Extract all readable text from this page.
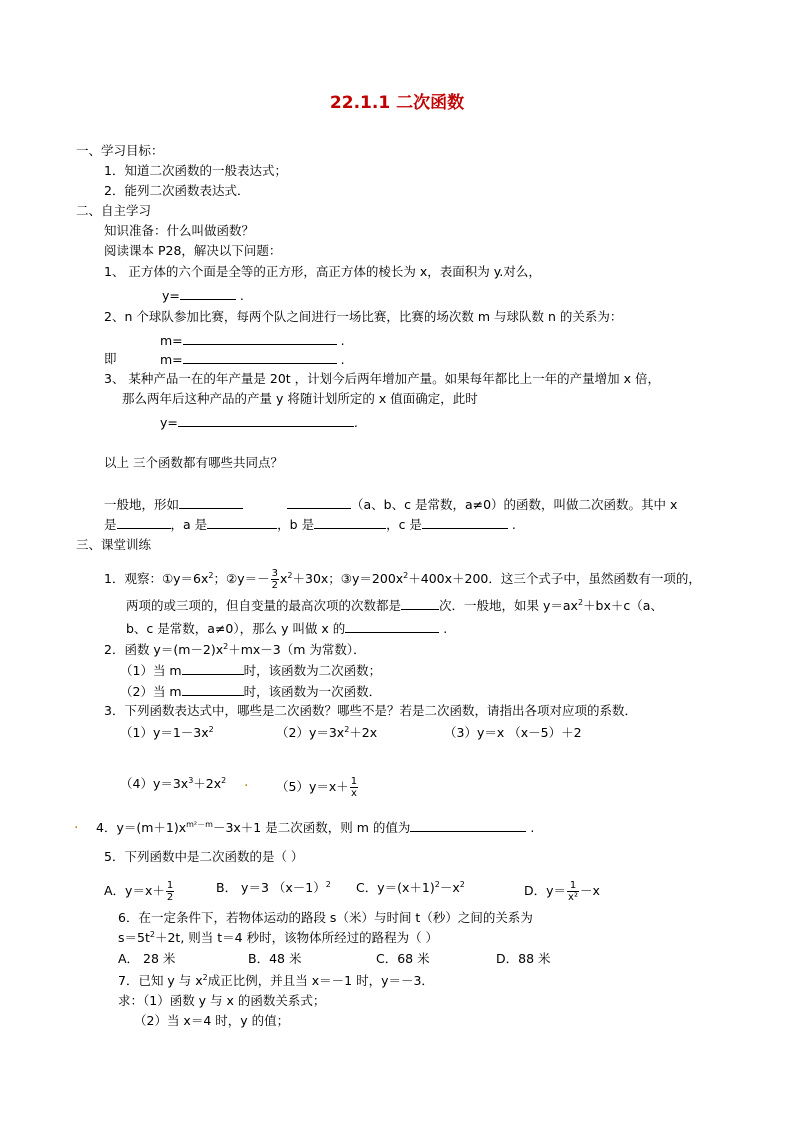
22.1.1 二次函数
一、学习目标：
1．知道二次函数的一般表达式；
2．能列二次函数表达式．
二、自主学习
知识准备：什么叫做函数？
阅读课本 P28，解决以下问题：
1、 正方体的六个面是全等的正方形，高正方体的棱长为 x，表面积为 y.对么，
y=	.
2、n 个球队参加比赛，每两个队之间进行一场比赛，比赛的场次数 m 与球队数 n 的关系为：
m=	.
即	m=	.
3、 某种产品一在的年产量是 20t ，计划今后两年增加产量。如果每年都比上一年的产量增加 x 倍，
那么两年后这种产品的产量 y 将随计划所定的 x 值面确定，此时
y=	.
以上 三个函数都有哪些共同点？
一般地，形如	（a、b、c 是常数，a≠0）的函数，叫做二次函数。其中 x
是	，a 是	，b 是	，c 是	.
三、课堂训练
1．观察：$①y=6x^2$；②y＝－ $\frac{3}{2} x^2+30x$；$③y=200x^2+400x+200$．这三个式子中，虽然函数有一项的，
两项的或三项的，但自变量的最高次项的次数都是	次．一般地，如果 $y=ax^2+bx+c(a$、
b、c 是常数，a≠0），那么 y 叫做 x 的	.
2．函数 $y=(m-2)x^2+mx-3(m$ 为常数）．
（1）当 m	时，该函数为二次函数；
（2）当 m	时，该函数为一次函数．
3．下列函数表达式中，哪些是二次函数？哪些不是？若是二次函数，请指出各项对应项的系数．
$(1)y=1-3x^2$	$(2)y=3x^2+2x$	（3）y＝x （x－5）＋2
$(4)y=3x^3+2x^2$ . $(5)y=x+ \frac{1}{x}$
. 4．$y=(m+1)x^{m^2-m}-3x+1$ 是二次函数，则 m 的值为	.
5．下列函数中是二次函数的是（ ）
A．$y=x+ \frac{1}{2}$	B． y＝3 $(x-1)^2$ C．$y=(x+1)^2-x^2$	D．$y= \frac{1}{\text{x²}} -x$
6．在一定条件下，若物体运动的路段 s（米）与时间 t（秒）之间的关系为
$s=5t^2+2t$, 则当 t＝4 秒时，该物体所经过的路程为（ ）
A． 28 米	B．48 米	C．68 米	D．88 米
7．已知 y 与 $x^2$成正比例，并且当 x＝－1 时，y＝－3．
求：（1）函数 y 与 x 的函数关系式；
（2）当 x＝4 时，y 的值；
